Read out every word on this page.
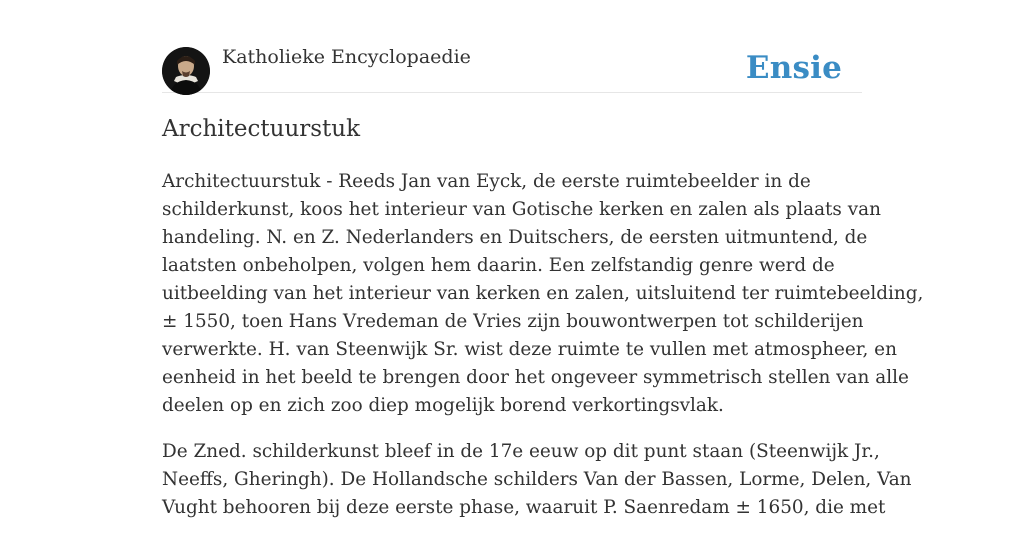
Katholieke Encyclopaedie	Ensie
Architectuurstuk

Architectuurstuk - Reeds Jan van Eyck, de eerste ruimtebeelder in de
schilderkunst, koos het interieur van Gotische kerken en zalen als plaats van
handeling. N. en Z. Nederlanders en Duitschers, de eersten uitmuntend, de
laatsten onbeholpen, volgen hem daarin. Een zelfstandig genre werd de
uitbeelding van het interieur van kerken en zalen, uitsluitend ter ruimtebeelding,
± 1550, toen Hans Vredeman de Vries zijn bouwontwerpen tot schilderijen
verwerkte. H. van Steenwijk Sr. wist deze ruimte te vullen met atmospheer, en
eenheid in het beeld te brengen door het ongeveer symmetrisch stellen van alle
deelen op en zich zoo diep mogelijk borend verkortingsvlak.

De Zned. schilderkunst bleef in de 17e eeuw op dit punt staan (Steenwijk Jr.,
Neeffs, Gheringh). De Hollandsche schilders Van der Bassen, Lorme, Delen, Van
Vught behooren bij deze eerste phase, waaruit P. Saenredam ± 1650, die met
